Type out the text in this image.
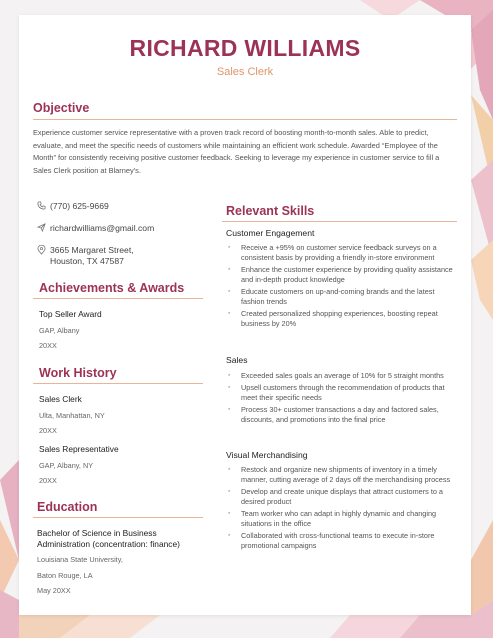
RICHARD WILLIAMS
Sales Clerk
Objective
Experience customer service representative with a proven track record of boosting month-to-month sales. Able to predict, evaluate, and meet the specific needs of customers while maintaining an efficient work schedule. Awarded “Employee of the Month” for consistently receiving positive customer feedback. Seeking to leverage my experience in customer service to fill a Sales Clerk position at Blarney’s.
(770) 625-9669
richardwilliams@gmail.com
3665 Margaret Street,
Houston, TX 47587
Achievements & Awards
Top Seller Award
GAP, Albany
20XX
Work History
Sales Clerk
Ulta, Manhattan, NY
20XX
Sales Representative
GAP, Albany, NY
20XX
Education
Bachelor of Science in Business
Administration (concentration: finance)
Louisiana State University,
Baton Rouge, LA
May 20XX
Relevant Skills
Customer Engagement
▪ Receive a +95% on customer service feedback surveys on a consistent basis by providing a friendly in-store environment
▪ Enhance the customer experience by providing quality assistance and in-depth product knowledge
▪ Educate customers on up-and-coming brands and the latest fashion trends
▪ Created personalized shopping experiences, boosting repeat business by 20%
Sales
▪ Exceeded sales goals an average of 10% for 5 straight months
▪ Upsell customers through the recommendation of products that meet their specific needs
▪ Process 30+ customer transactions a day and factored sales, discounts, and promotions into the final price
Visual Merchandising
▪ Restock and organize new shipments of inventory in a timely manner, cutting average of 2 days off the merchandising process
▪ Develop and create unique displays that attract customers to a desired product
▪ Team worker who can adapt in highly dynamic and changing situations in the office
▪ Collaborated with cross-functional teams to execute in-store promotional campaigns
